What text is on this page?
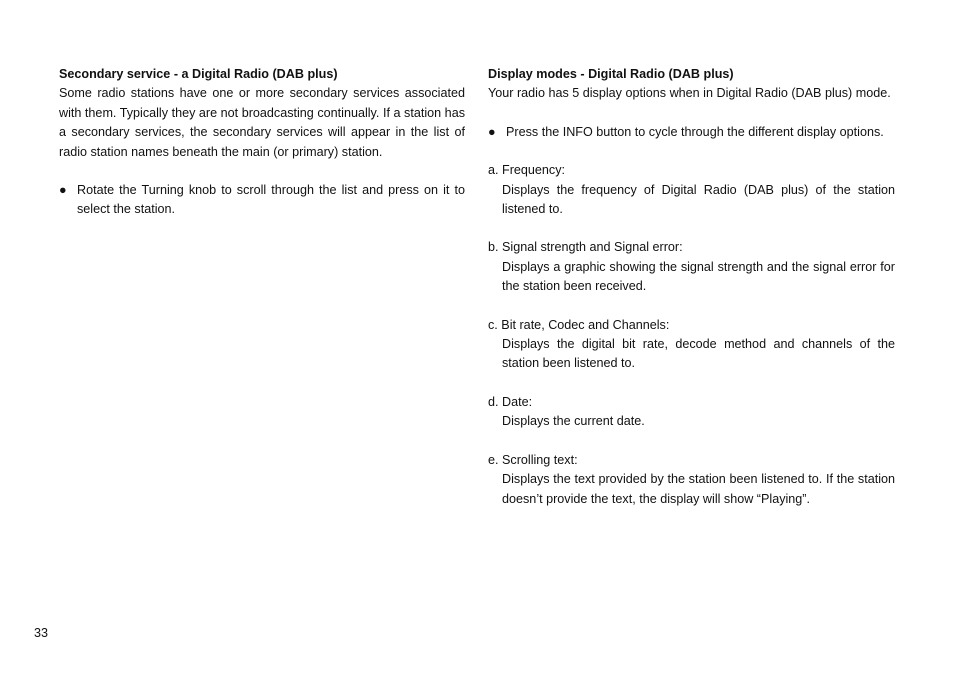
Secondary service - a Digital Radio (DAB plus)

Some radio stations have one or more secondary services associated with them. Typically they are not broadcasting continually. If a station has a secondary services, the secondary services will appear in the list of radio station names beneath the main (or primary) station.

● Rotate the Turning knob to scroll through the list and press on it to select the station.

Display modes - Digital Radio (DAB plus)

Your radio has 5 display options when in Digital Radio (DAB plus) mode.

● Press the INFO button to cycle through the different display options.

a. Frequency:

Displays the frequency of Digital Radio (DAB plus) of the station listened to.

b. Signal strength and Signal error:

Displays a graphic showing the signal strength and the signal error for the station been received.

c. Bit rate, Codec and Channels:

Displays the digital bit rate, decode method and channels of the station been listened to.

d. Date:

Displays the current date.

e. Scrolling text:

Displays the text provided by the station been listened to. If the station doesn’t provide the text, the display will show “Playing”.

33
